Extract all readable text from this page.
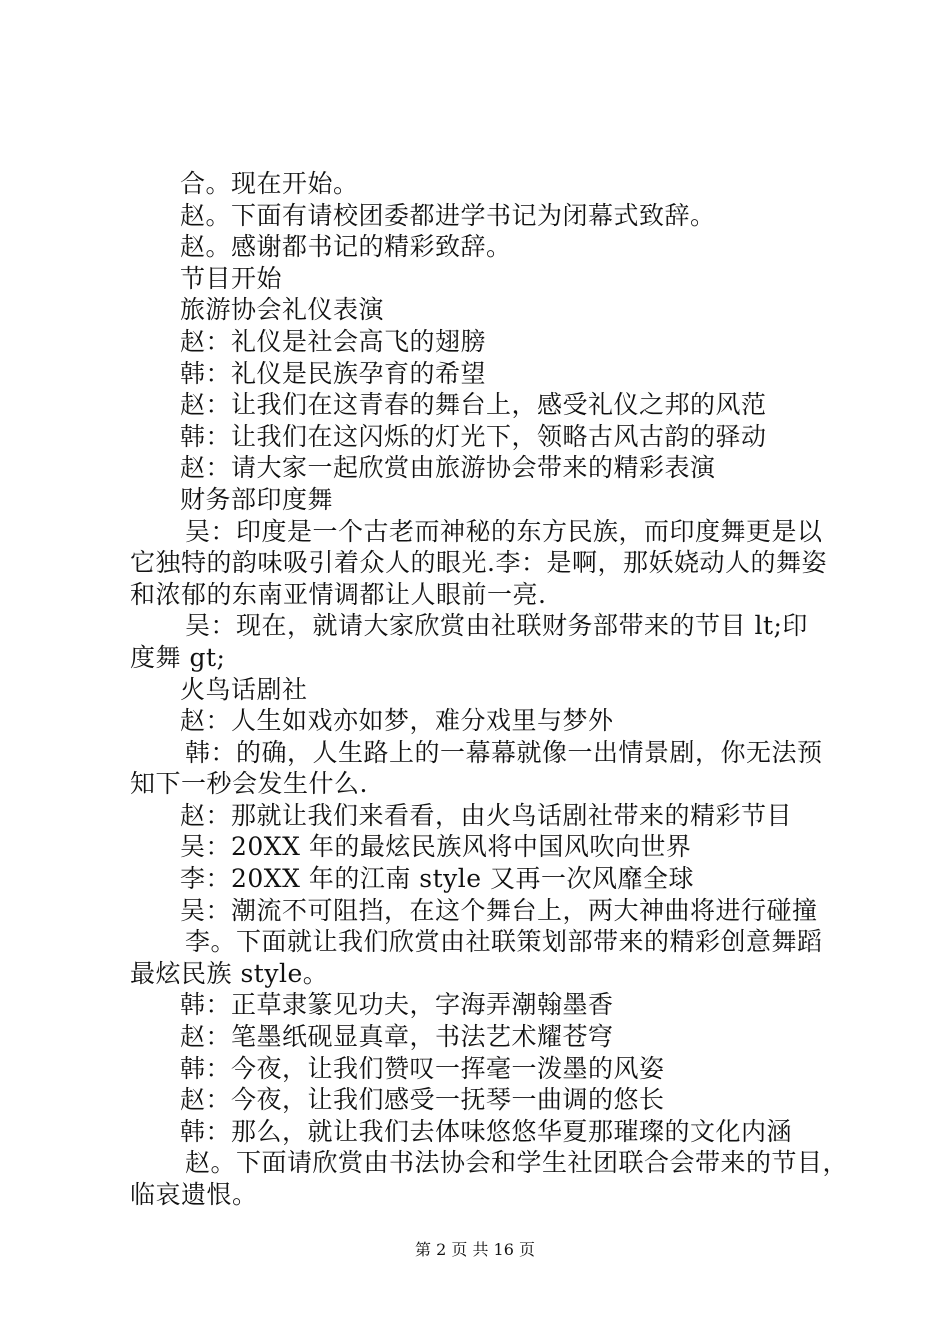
合。现在开始。

赵。下面有请校团委都进学书记为闭幕式致辞。

赵。感谢都书记的精彩致辞。

节目开始

旅游协会礼仪表演

赵：礼仪是社会高飞的翅膀

韩：礼仪是民族孕育的希望

赵：让我们在这青春的舞台上，感受礼仪之邦的风范

韩：让我们在这闪烁的灯光下，领略古风古韵的驿动

赵：请大家一起欣赏由旅游协会带来的精彩表演

财务部印度舞

吴：印度是一个古老而神秘的东方民族，而印度舞更是以

它独特的韵味吸引着众人的眼光.李：是啊，那妖娆动人的舞姿

和浓郁的东南亚情调都让人眼前一亮.

吴：现在，就请大家欣赏由社联财务部带来的节目 lt;印

度舞 gt;

火鸟话剧社

赵：人生如戏亦如梦，难分戏里与梦外

韩：的确，人生路上的一幕幕就像一出情景剧，你无法预

知下一秒会发生什么.

赵：那就让我们来看看，由火鸟话剧社带来的精彩节目

吴：20XX 年的最炫民族风将中国风吹向世界

李：20XX 年的江南 style 又再一次风靡全球

吴：潮流不可阻挡，在这个舞台上，两大神曲将进行碰撞

李。下面就让我们欣赏由社联策划部带来的精彩创意舞蹈

最炫民族 style。

韩：正草隶篆见功夫，字海弄潮翰墨香

赵：笔墨纸砚显真章，书法艺术耀苍穹

韩：今夜，让我们赞叹一挥毫一泼墨的风姿

赵：今夜，让我们感受一抚琴一曲调的悠长

韩：那么，就让我们去体味悠悠华夏那璀璨的文化内涵

赵。下面请欣赏由书法协会和学生社团联合会带来的节目，

临哀遗恨。

第 2 页 共 16 页
